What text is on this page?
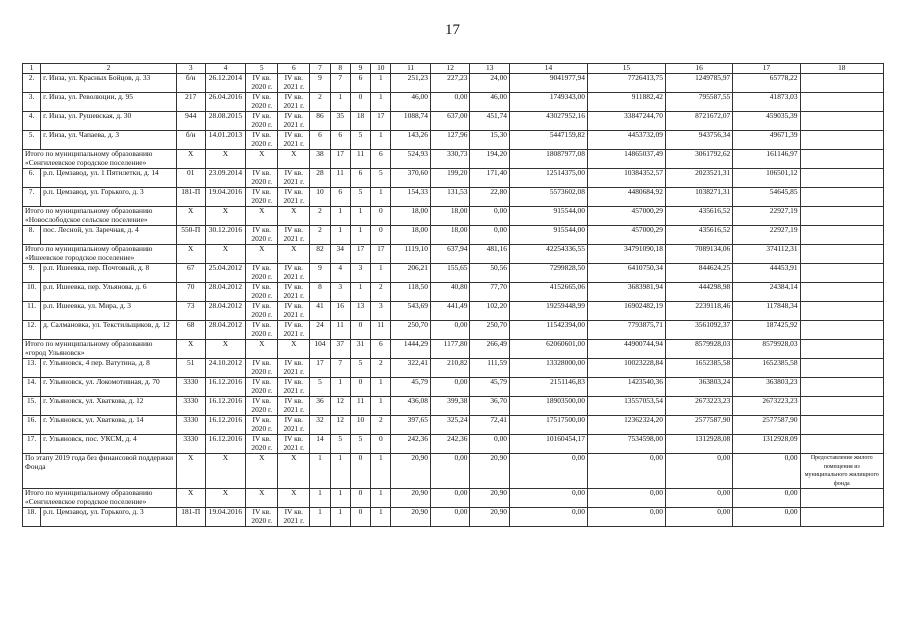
17
1	2	3	4	5	6	7	8	9	10	11	12	13	14	15	16	17	18
2.	г. Инза, ул. Красных Бойцов, д. 33	б/н	26.12.2014	IV кв. 2020 г.	IV кв. 2021 г.	9	7	6	1	251,23	227,23	24,00	9041977,94	7726413,75	1249785,97	65778,22	
3.	г. Инза, ул. Революции, д. 95	217	26.04.2016	IV кв. 2020 г.	IV кв. 2021 г.	2	1	0	1	46,00	0,00	46,00	1749343,00	911882,42	795587,55	41873,03	
4.	г. Инза, ул. Рушевская, д. 30	944	28.08.2015	IV кв. 2020 г.	IV кв. 2021 г.	86	35	18	17	1088,74	637,00	451,74	43027952,16	33847244,70	8721672,07	459035,39	
5.	г. Инза, ул. Чапаева, д. 3	б/н	14.01.2013	IV кв. 2020 г.	IV кв. 2021 г.	6	6	5	1	143,26	127,96	15,30	5447159,82	4453732,09	943756,34	49671,39	
Итого по муниципальному образованию «Сенгилеевское городское поселение»		X	X	X	X	38	17	11	6	524,93	330,73	194,20	18087977,08	14865037,49	3061792,62	161146,97	
6.	р.п. Цемзавод, ул. 1 Пятилетки, д. 14	01	23.09.2014	IV кв. 2020 г.	IV кв. 2021 г.	28	11	6	5	370,60	199,20	171,40	12514375,00	10384352,57	2023521,31	106501,12	
7.	р.п. Цемзавод, ул. Горького, д. 3	181-П	19.04.2016	IV кв. 2020 г.	IV кв. 2021 г.	10	6	5	1	154,33	131,53	22,80	5573602,08	4480684,92	1038271,31	54645,85	
Итого по муниципальному образованию «Новослободское сельское поселение»		X	X	X	X	2	1	1	0	18,00	18,00	0,00	915544,00	457000,29	435616,52	22927,19	
8.	пос. Лесной, ул. Заречная, д. 4	550-П	30.12.2016	IV кв. 2020 г.	IV кв. 2021 г.	2	1	1	0	18,00	18,00	0,00	915544,00	457000,29	435616,52	22927,19	
Итого по муниципальному образованию «Ишеевское городское поселение»		X	X	X	X	82	34	17	17	1119,10	637,94	481,16	42254336,55	34791090,18	7089134,06	374112,31	
9.	р.п. Ишеевка, пер. Почтовый, д. 8	67	25.04.2012	IV кв. 2020 г.	IV кв. 2021 г.	9	4	3	1	206,21	155,65	50,56	7299828,50	6410750,34	844624,25	44453,91	
10.	р.п. Ишеевка, пер. Ульянова, д. 6	70	28.04.2012	IV кв. 2020 г.	IV кв. 2021 г.	8	3	1	2	118,50	40,80	77,70	4152665,06	3683981,94	444298,98	24384,14	
11.	р.п. Ишеевка, ул. Мира, д. 3	73	28.04.2012	IV кв. 2020 г.	IV кв. 2021 г.	41	16	13	3	543,69	441,49	102,20	19259448,99	16902482,19	2239118,46	117848,34	
12.	д. Салмановка, ул. Текстильщиков, д. 12	68	28.04.2012	IV кв. 2020 г.	IV кв. 2021 г.	24	11	0	11	250,70	0,00	250,70	11542394,00	7793875,71	3561092,37	187425,92	
Итого по муниципальному образованию «город Ульяновск»		X	X	X	X	104	37	31	6	1444,29	1177,80	266,49	62060601,00	44900744,94	8579928,03	8579928,03	
13.	г. Ульяновск, 4 пер. Ватутина, д. 8	51	24.10.2012	IV кв. 2020 г.	IV кв. 2021 г.	17	7	5	2	322,41	210,82	111,59	13328000,00	10023228,84	1652385,58	1652385,58	
14.	г. Ульяновск, ул. Локомотивная, д. 70	3330	16.12.2016	IV кв. 2020 г.	IV кв. 2021 г.	5	1	0	1	45,79	0,00	45,79	2151146,83	1423540,36	363803,24	363803,23	
15.	г. Ульяновск, ул. Хваткова, д. 12	3330	16.12.2016	IV кв. 2020 г.	IV кв. 2021 г.	36	12	11	1	436,08	399,38	36,70	18903500,00	13557053,54	2673223,23	2673223,23	
16.	г. Ульяновск, ул. Хваткова, д. 14	3330	16.12.2016	IV кв. 2020 г.	IV кв. 2021 г.	32	12	10	2	397,65	325,24	72,41	17517500,00	12362324,20	2577587,90	2577587,90	
17.	г. Ульяновск, пос. УКСМ, д. 4	3330	16.12.2016	IV кв. 2020 г.	IV кв. 2021 г.	14	5	5	0	242,36	242,36	0,00	10160454,17	7534598,00	1312928,08	1312928,09	
По этапу 2019 года без финансовой поддержки Фонда		X	X	X	X	1	1	0	1	20,90	0,00	20,90	0,00	0,00	0,00	0,00	Предоставление жилого помещения из муниципального жилищного фонда
Итого по муниципальному образованию «Сенгилеевское городское поселение»		X	X	X	X	1	1	0	1	20,90	0,00	20,90	0,00	0,00	0,00	0,00	
18.	р.п. Цемзавод, ул. Горького, д. 3	181-П	19.04.2016	IV кв. 2020 г.	IV кв. 2021 г.	1	1	0	1	20,90	0,00	20,90	0,00	0,00	0,00	0,00	
